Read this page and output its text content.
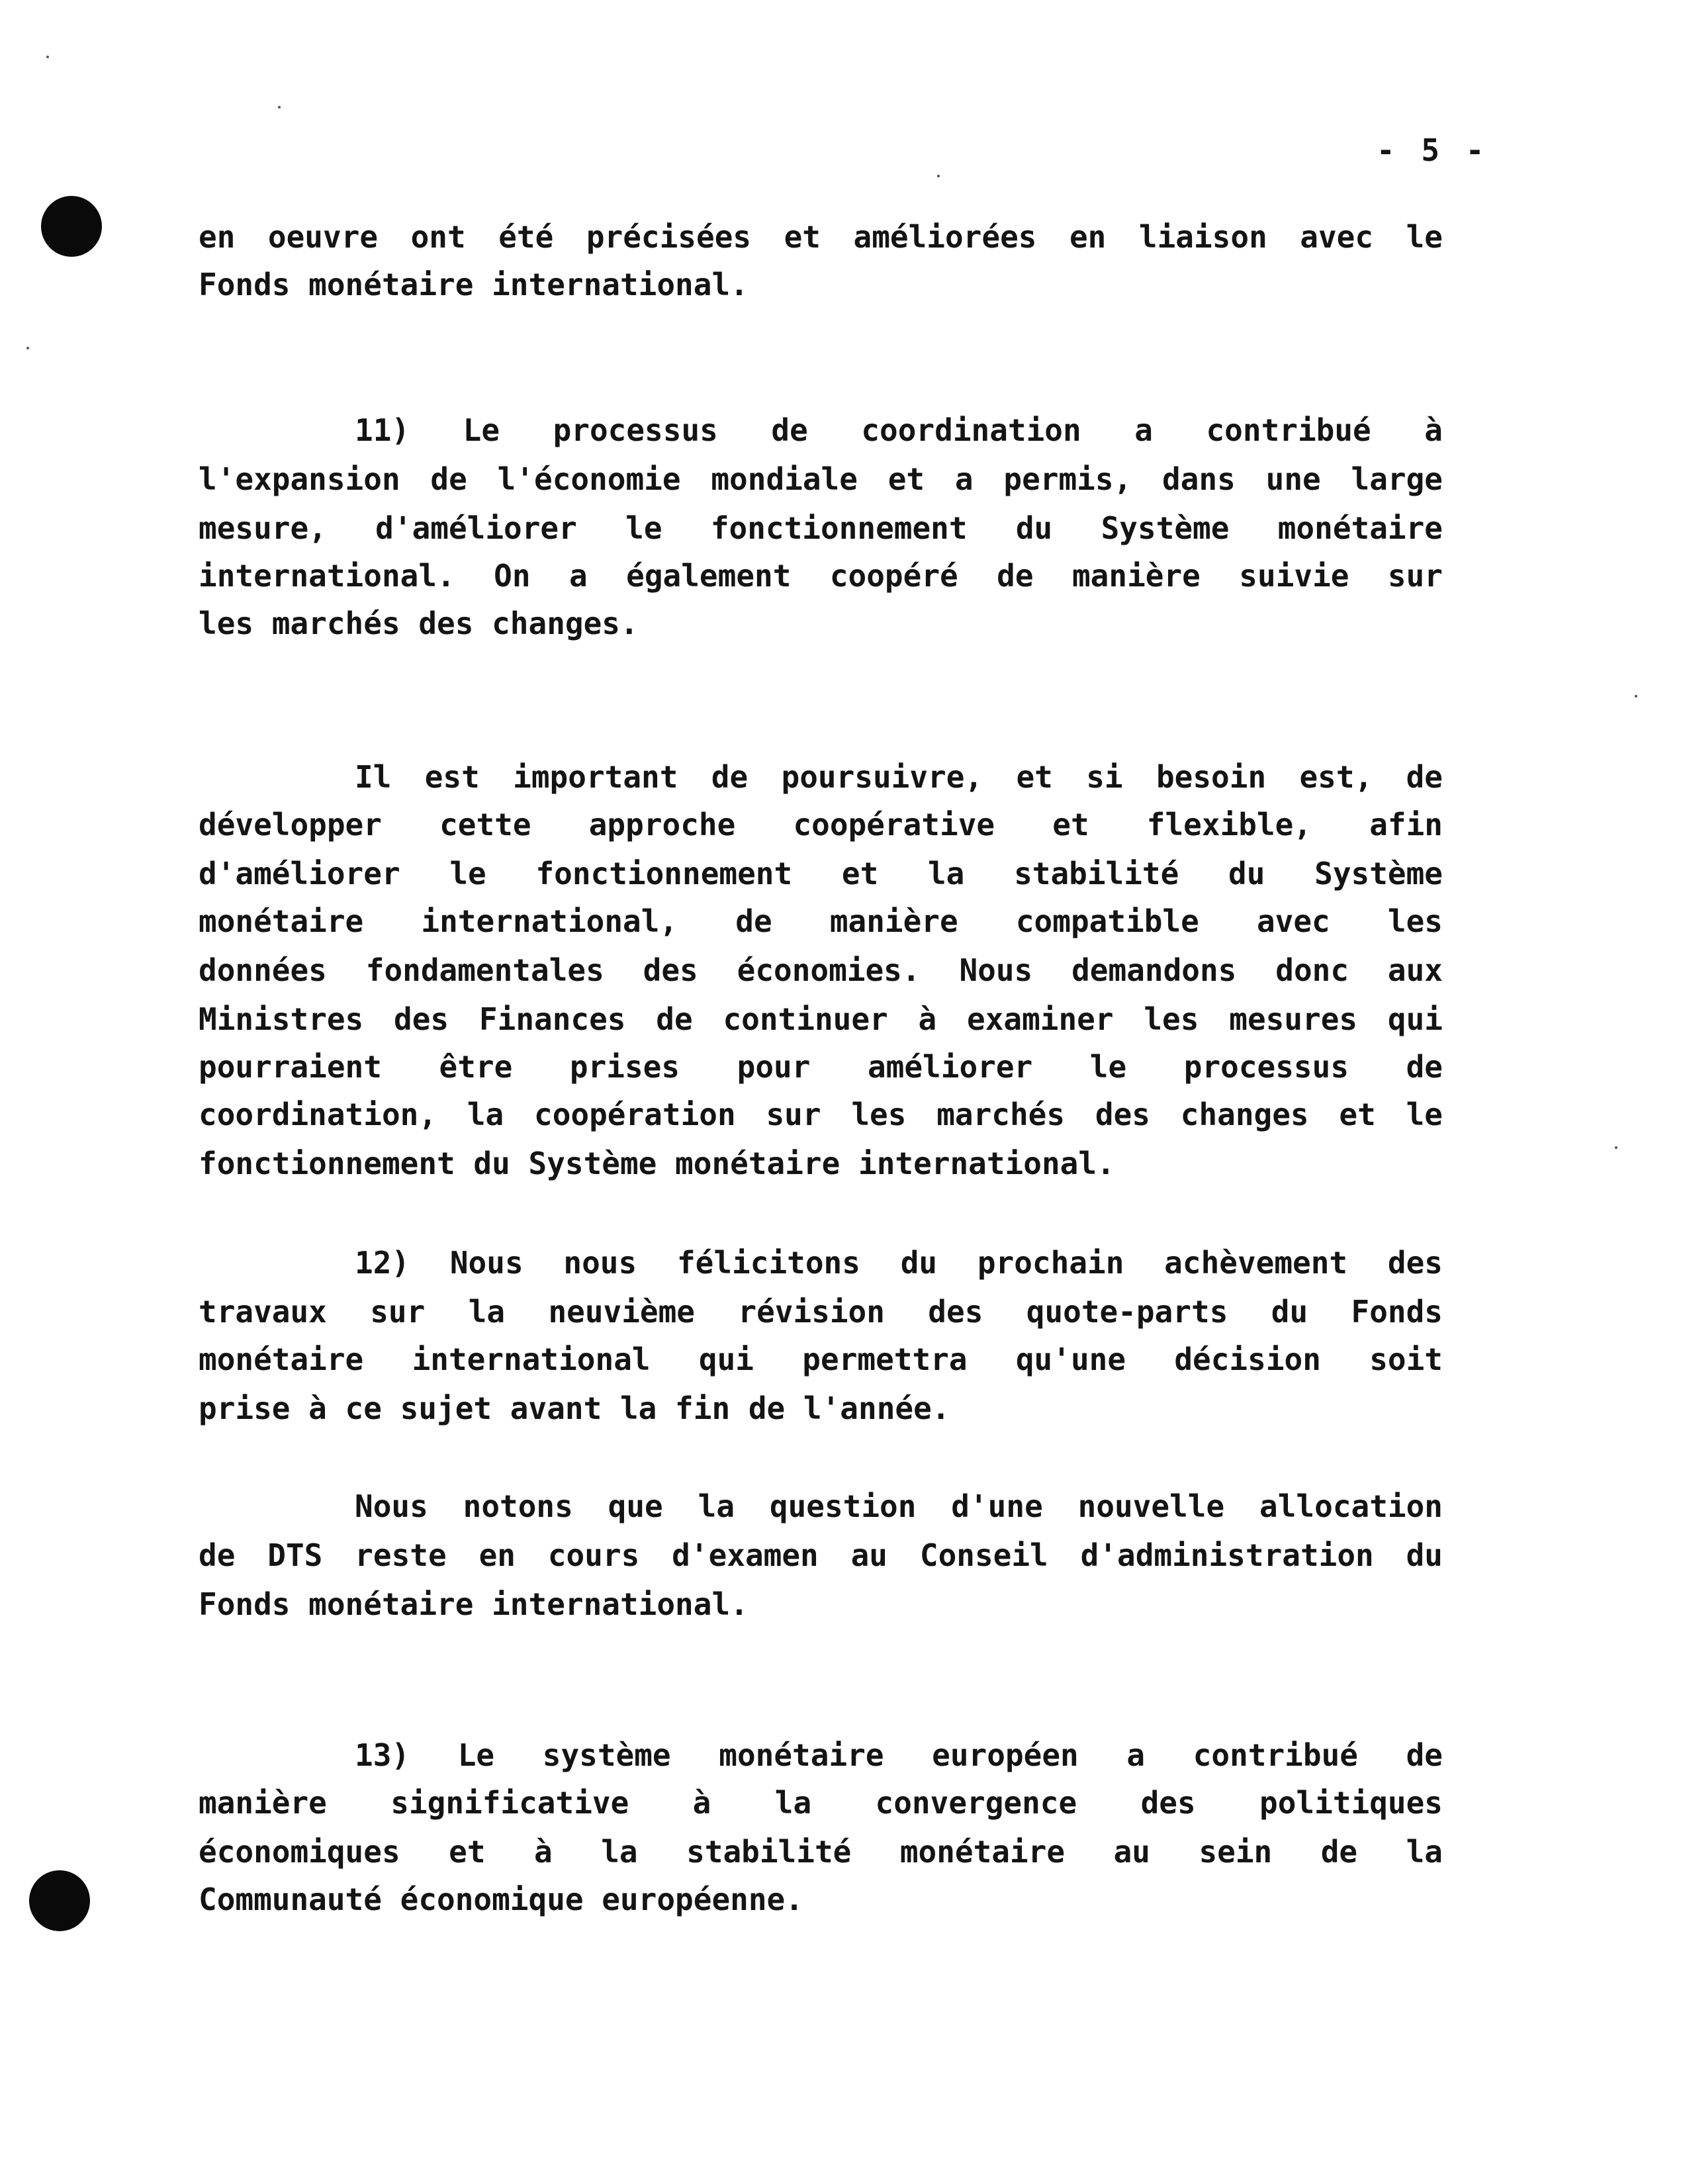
- 5 -
en oeuvre ont été précisées et améliorées en liaison avec le
Fonds monétaire international.
11) Le processus de coordination a contribué à
l'expansion de l'économie mondiale et a permis, dans une large
mesure, d'améliorer le fonctionnement du Système monétaire
international. On a également coopéré de manière suivie sur
les marchés des changes.
Il est important de poursuivre, et si besoin est, de
développer cette approche coopérative et flexible, afin
d'améliorer le fonctionnement et la stabilité du Système
monétaire international, de manière compatible avec les
données fondamentales des économies. Nous demandons donc aux
Ministres des Finances de continuer à examiner les mesures qui
pourraient être prises pour améliorer le processus de
coordination, la coopération sur les marchés des changes et le
fonctionnement du Système monétaire international.
12) Nous nous félicitons du prochain achèvement des
travaux sur la neuvième révision des quote-parts du Fonds
monétaire international qui permettra qu'une décision soit
prise à ce sujet avant la fin de l'année.
Nous notons que la question d'une nouvelle allocation
de DTS reste en cours d'examen au Conseil d'administration du
Fonds monétaire international.
13) Le système monétaire européen a contribué de
manière significative à la convergence des politiques
économiques et à la stabilité monétaire au sein de la
Communauté économique européenne.
